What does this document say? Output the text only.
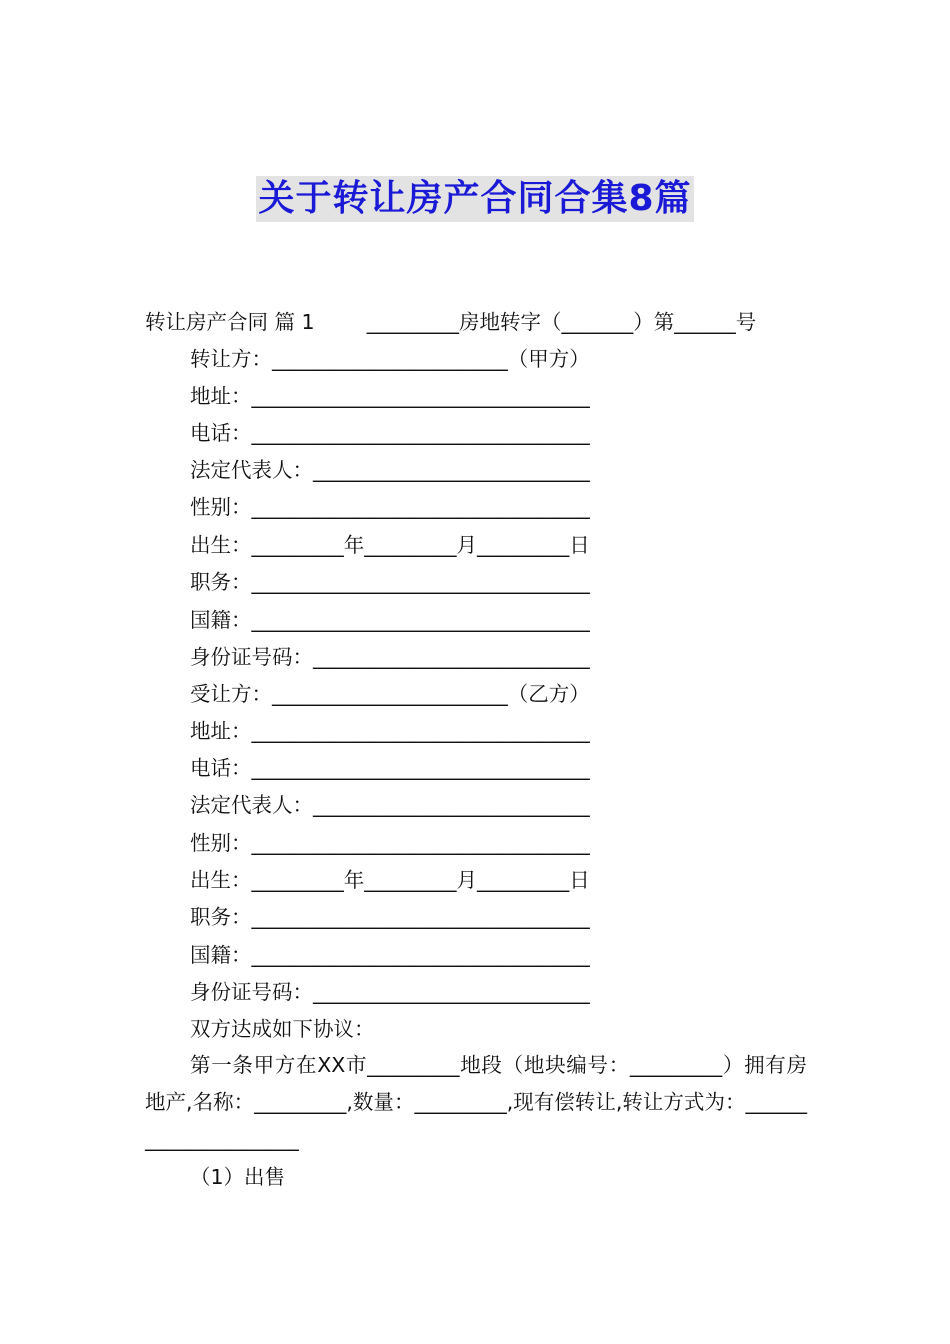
关于转让房产合同合集8篇
转让房产合同 篇 1        _________房地转字（_______）第______号
转让方：_______________________（甲方）
地址：_________________________________
电话：_________________________________
法定代表人：___________________________
性别：_________________________________
出生：_________年_________月_________日
职务：_________________________________
国籍：_________________________________
身份证号码：___________________________
受让方：_______________________（乙方）
地址：_________________________________
电话：_________________________________
法定代表人：___________________________
性别：_________________________________
出生：_________年_________月_________日
职务：_________________________________
国籍：_________________________________
身份证号码：___________________________
双方达成如下协议：
第一条甲方在XX市_________地段（地块编号：_________）拥有房地产,名称：_________,数量：_________,现有偿转让,转让方式为：_____________________
（1）出售
